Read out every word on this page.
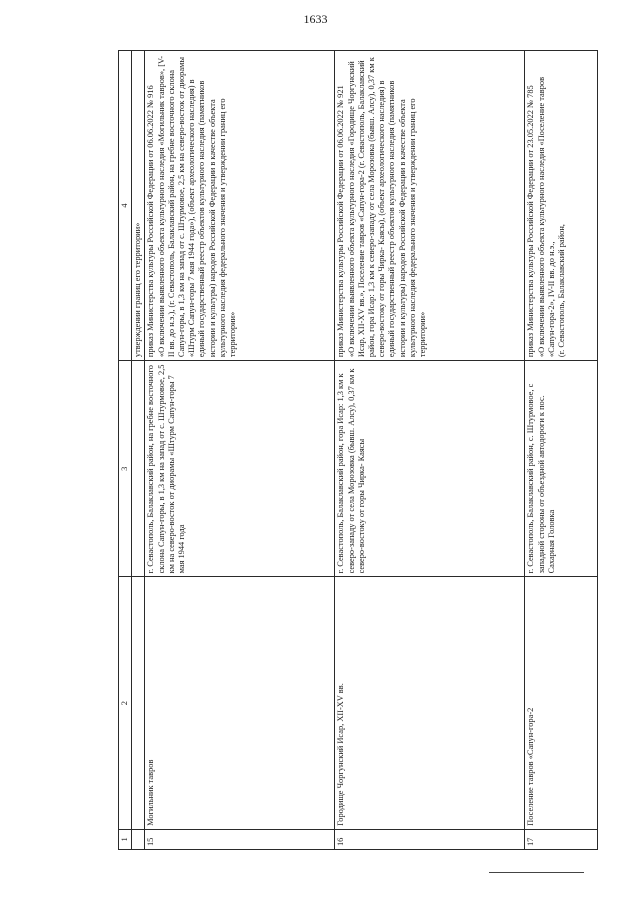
1633
1	2	3	4
			утверждении границ его территории»
15	Могильник тавров	г. Севастополь, Балаклавский район, на гребне восточного склона Сапун-горы, в 1,3 км на запад от с. Штурмовое, 2,5 км на северо-восток от диорамы «Штурм Сапун-горы 7 мая 1944 года	приказ Министерства культуры Российской Федерации от 06.06.2022 № 916
«О включении выявленного объекта культурного наследия «Могильник тавров», [V-II вв. до н.э.), (г. Севастополь, Балаклавский район, на гребне восточного склона Сапун-горы, в 1,3 км на запад от с. Штурмовое, 2,5 км на северо-восток от диорамы «Штурм Сапун-горы 7 мая 1944 года»), (объект археологического наследия) в единый государственный реестр объектов культурного наследия (памятников истории и культуры) народов Российской Федерации в качестве объекта культурного наследия федерального значения и утверждении границ его территории»
16	Городище Чоргунский Исар, XII-XV вв.	г. Севастополь, Балаклавский район, гора Исар: 1,3 км к северо-западу от села Морозовка (бывш. Алсу), 0,37 км к северо-востоку от горы Чирка- Каясы	приказ Министерства культуры Российской Федерации от 06.06.2022 № 921
«О включении выявленного объекта культурного наследия «Городище Чоргунский Исар, XII-XV вв.», Поселение тавров «Сапун-гора-2 (г. Севастополь, Балаклавский район, гора Исар: 1,3 км к северо-западу от села Морозовка (бывш. Алсу), 0,37 км к северо-востоку от горы Чирка- Каясы), (объект археологического наследия) в единый государственный реестр объектов культурного наследия (памятников истории и культуры) народов Российской Федерации в качестве объекта культурного наследия федерального значения и утверждении границ его территории»
17	Поселение тавров «Сапун-гора-2	г. Севастополь, Балаклавский район, с. Штурмовое, с западной стороны от объездной автодороги к пос. Сахарная Головка	приказ Министерства культуры Российской Федерации от 23.05.2022 № 785
«О включении выявленного объекта культурного наследия «Поселение тавров «Сапун-гора-2», IV-II вв. до н.э.,
(г. Севастополь, Балаклавский район,
